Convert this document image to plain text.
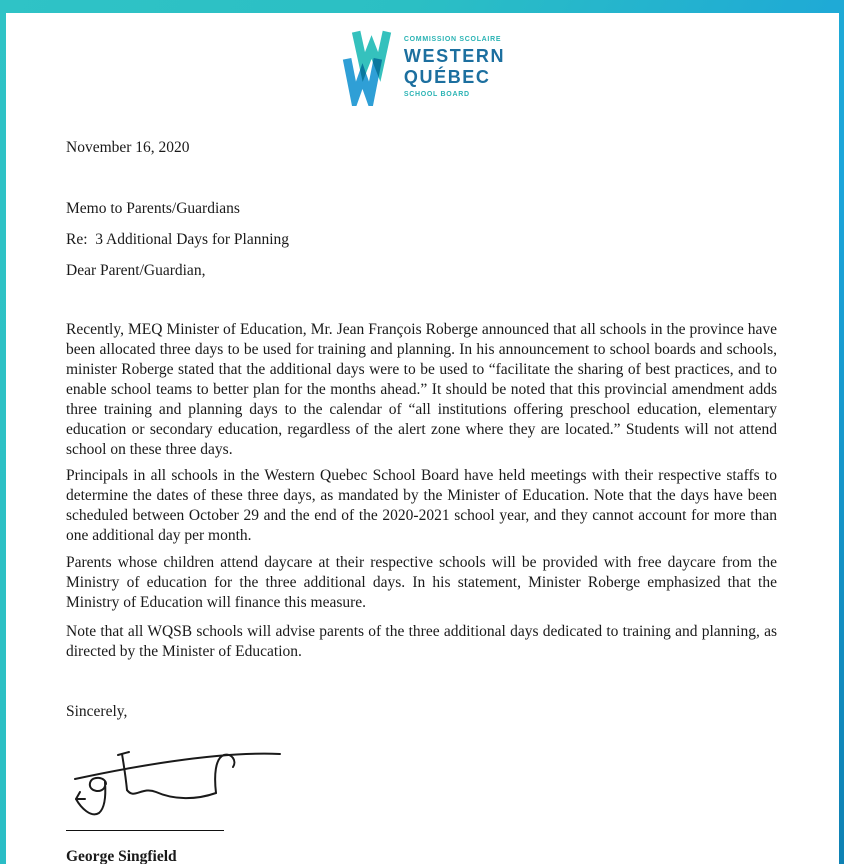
COMMISSION SCOLAIRE
WESTERN
QUÉBEC
SCHOOL BOARD
November 16, 2020
Memo to Parents/Guardians
Re:  3 Additional Days for Planning
Dear Parent/Guardian,

Recently, MEQ Minister of Education, Mr. Jean François Roberge announced that all schools in the province have been allocated three days to be used for training and planning. In his announcement to school boards and schools, minister Roberge stated that the additional days were to be used to “facilitate the sharing of best practices, and to enable school teams to better plan for the months ahead.” It should be noted that this provincial amendment adds three training and planning days to the calendar of “all institutions offering preschool education, elementary education or secondary education, regardless of the alert zone where they are located.” Students will not attend school on these three days.

Principals in all schools in the Western Quebec School Board have held meetings with their respective staffs to determine the dates of these three days, as mandated by the Minister of Education. Note that the days have been scheduled between October 29 and the end of the 2020-2021 school year, and they cannot account for more than one additional day per month.

Parents whose children attend daycare at their respective schools will be provided with free daycare from the Ministry of education for the three additional days. In his statement, Minister Roberge emphasized that the Ministry of Education will finance this measure.

Note that all WQSB schools will advise parents of the three additional days dedicated to training and planning, as directed by the Minister of Education.

Sincerely,
George Singfield
